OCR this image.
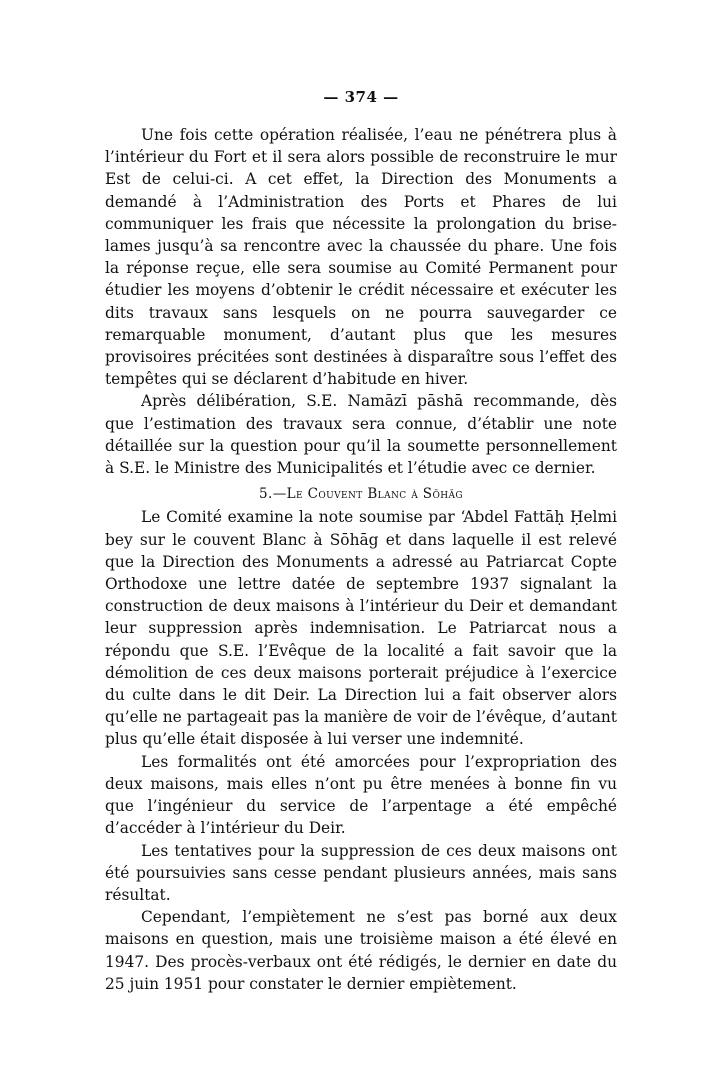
— 374 —

Une fois cette opération réalisée, l’eau ne pénétrera plus à l’intérieur du Fort et il sera alors possible de reconstruire le mur Est de celui-ci. A cet effet, la Direction des Monuments a demandé à l’Administration des Ports et Phares de lui communiquer les frais que nécessite la prolongation du brise-lames jusqu’à sa rencontre avec la chaussée du phare. Une fois la réponse reçue, elle sera soumise au Comité Permanent pour étudier les moyens d’obtenir le crédit nécessaire et exécuter les dits travaux sans lesquels on ne pourra sauvegarder ce remarquable monument, d’autant plus que les mesures provisoires précitées sont destinées à disparaître sous l’effet des tempêtes qui se déclarent d’habitude en hiver.

Après délibération, S.E. Namāzī pāshā recommande, dès que l’estimation des travaux sera connue, d’établir une note détaillée sur la question pour qu’il la soumette personnellement à S.E. le Ministre des Municipalités et l’étudie avec ce dernier.

5.—Le Couvent Blanc à Sōhāg

Le Comité examine la note soumise par ‘Abdel Fattāḥ Ḥelmi bey sur le couvent Blanc à Sōhāg et dans laquelle il est relevé que la Direction des Monuments a adressé au Patriarcat Copte Orthodoxe une lettre datée de septembre 1937 signalant la construction de deux maisons à l’intérieur du Deir et demandant leur suppression après indemnisation. Le Patriarcat nous a répondu que S.E. l’Evêque de la localité a fait savoir que la démolition de ces deux maisons porterait préjudice à l’exercice du culte dans le dit Deir. La Direction lui a fait observer alors qu’elle ne partageait pas la manière de voir de l’évêque, d’autant plus qu’elle était disposée à lui verser une indemnité.

Les formalités ont été amorcées pour l’expropriation des deux maisons, mais elles n’ont pu être menées à bonne fin vu que l’ingénieur du service de l’arpentage a été empêché d’accéder à l’intérieur du Deir.

Les tentatives pour la suppression de ces deux maisons ont été poursuivies sans cesse pendant plusieurs années, mais sans résultat.

Cependant, l’empiètement ne s’est pas borné aux deux maisons en question, mais une troisième maison a été élevé en 1947. Des procès-verbaux ont été rédigés, le dernier en date du 25 juin 1951 pour constater le dernier empiètement.
